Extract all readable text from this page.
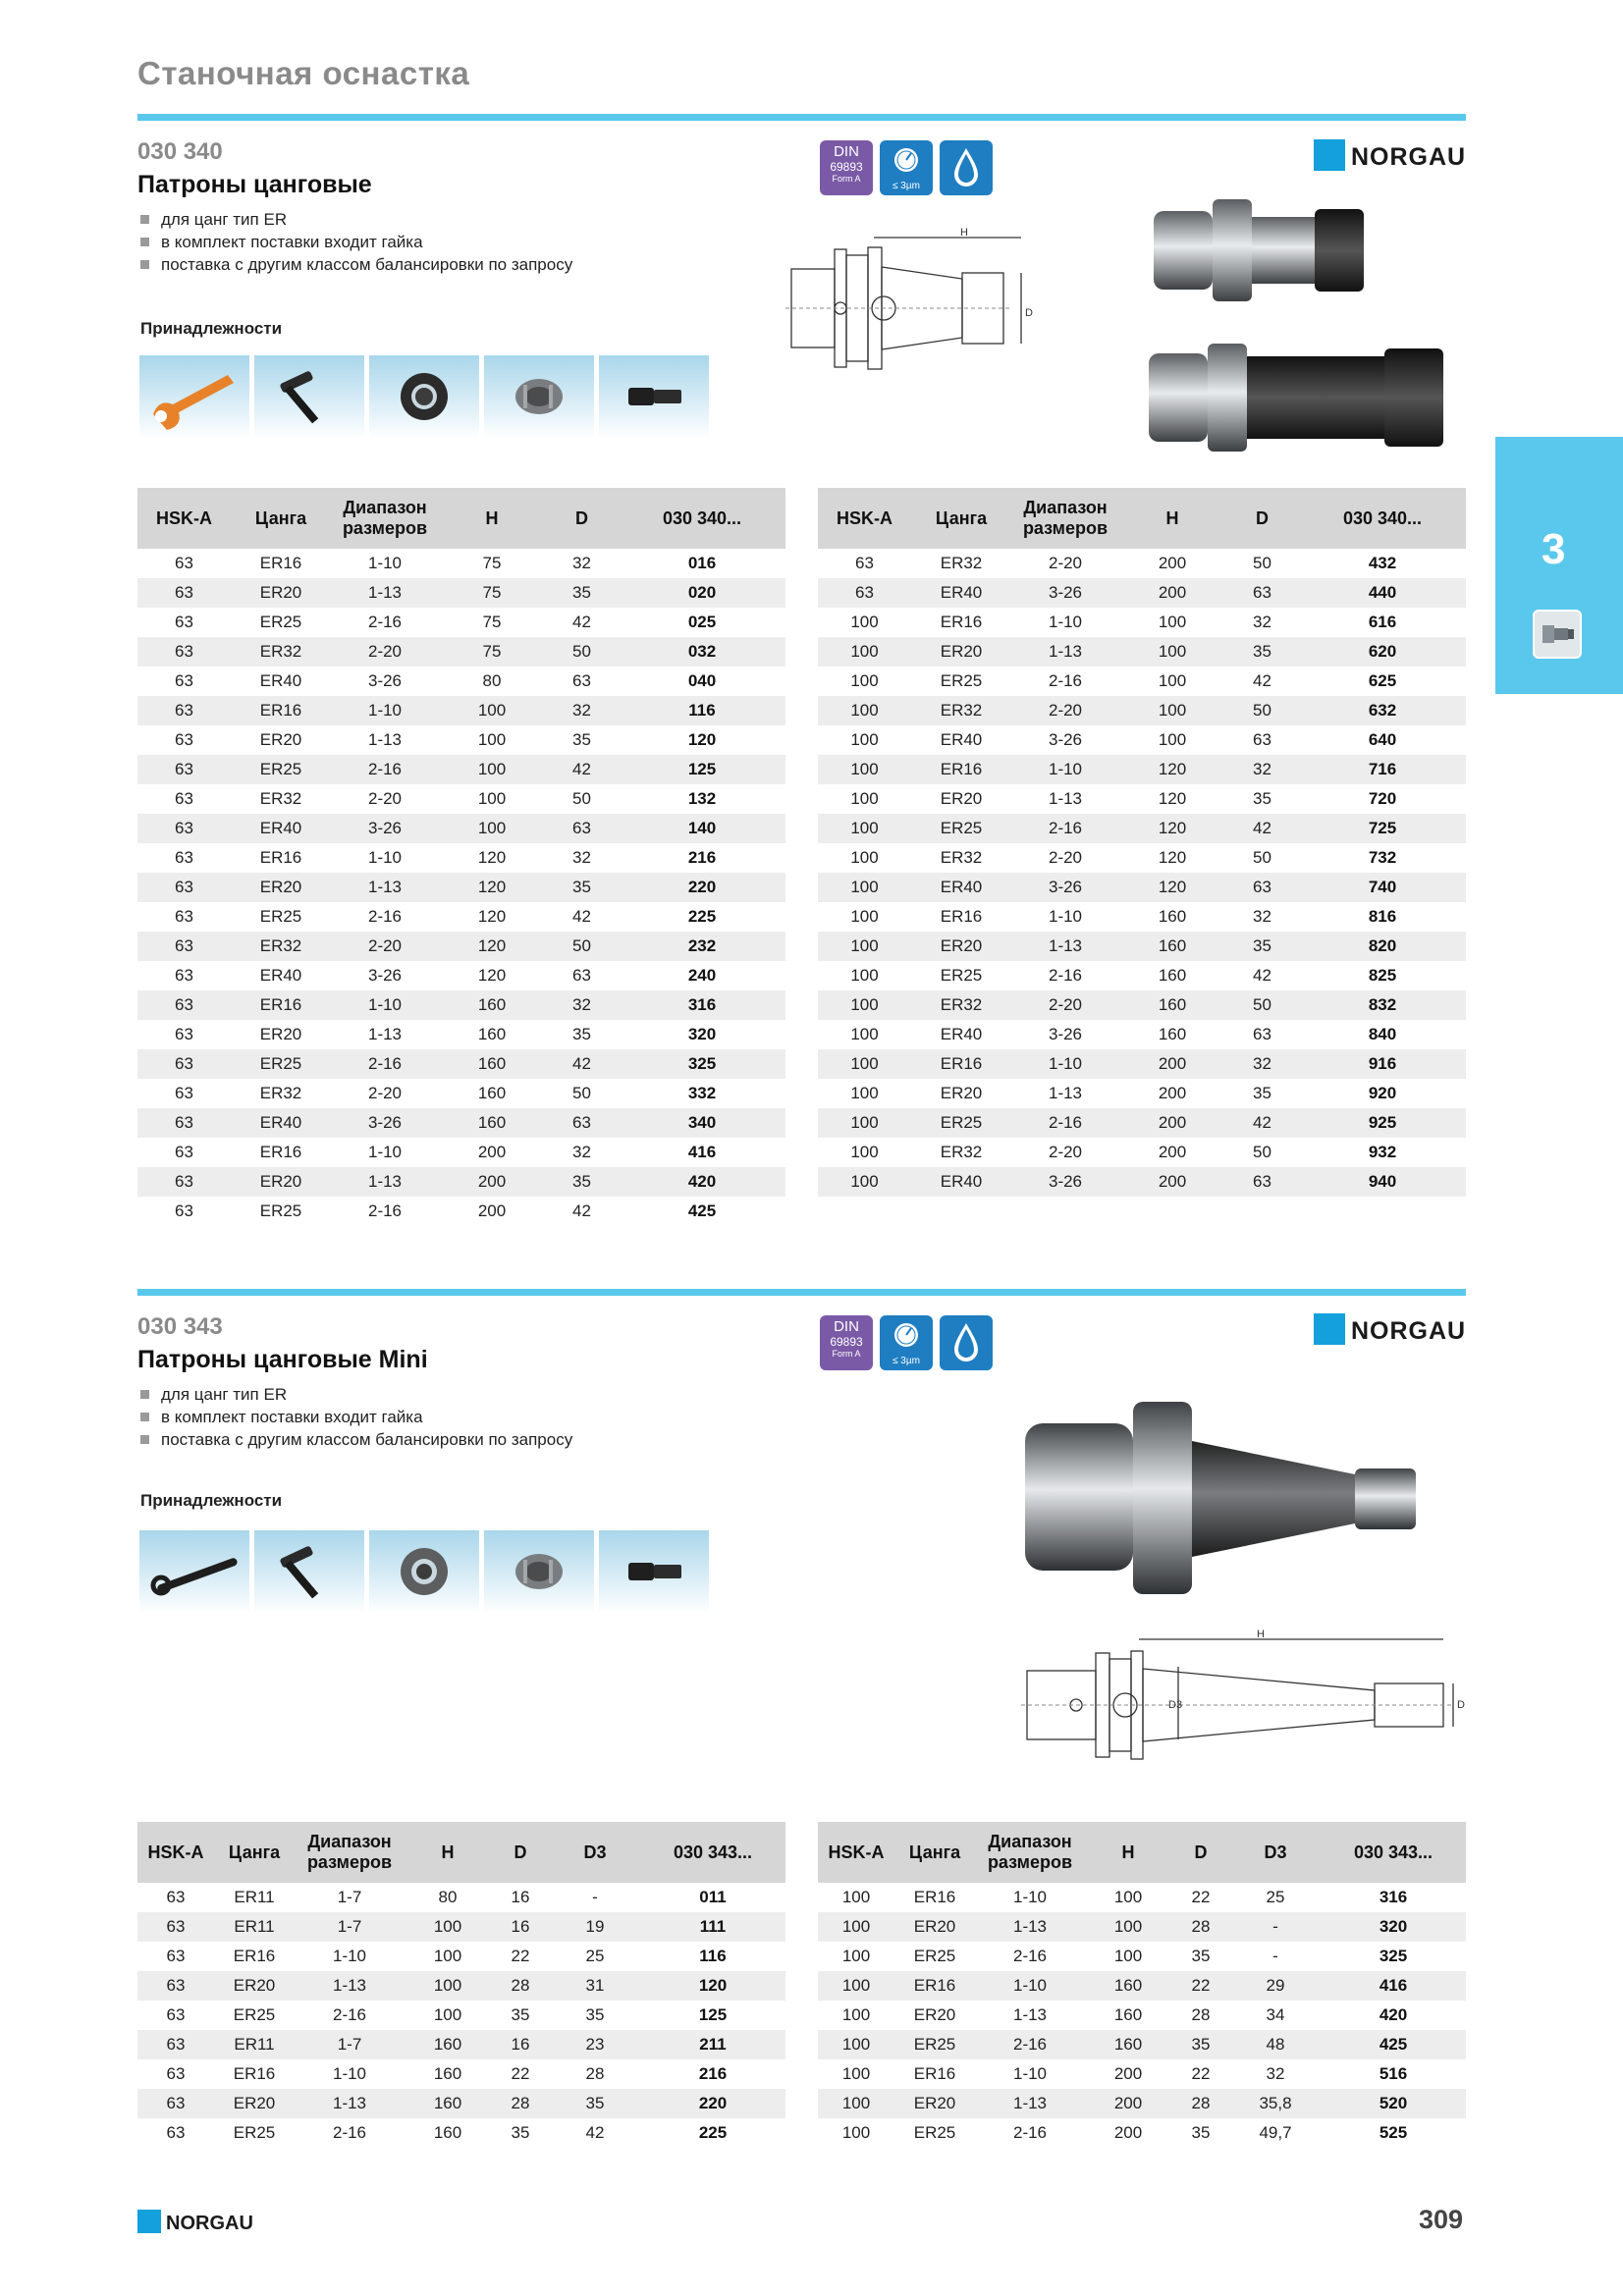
Станочная оснастка
3
030 340
Патроны цанговые
для цанг тип ER
в комплект поставки входит гайка
поставка с другим классом балансировки по запросу
Принадлежности
DIN
69893
Form A
≤ 3µm
NORGAU
H
D
HSK-A	Цанга	Диапазон размеров	H	D	030 340...
63	ER16	1-10	75	32	016
63	ER20	1-13	75	35	020
63	ER25	2-16	75	42	025
63	ER32	2-20	75	50	032
63	ER40	3-26	80	63	040
63	ER16	1-10	100	32	116
63	ER20	1-13	100	35	120
63	ER25	2-16	100	42	125
63	ER32	2-20	100	50	132
63	ER40	3-26	100	63	140
63	ER16	1-10	120	32	216
63	ER20	1-13	120	35	220
63	ER25	2-16	120	42	225
63	ER32	2-20	120	50	232
63	ER40	3-26	120	63	240
63	ER16	1-10	160	32	316
63	ER20	1-13	160	35	320
63	ER25	2-16	160	42	325
63	ER32	2-20	160	50	332
63	ER40	3-26	160	63	340
63	ER16	1-10	200	32	416
63	ER20	1-13	200	35	420
63	ER25	2-16	200	42	425
HSK-A	Цанга	Диапазон размеров	H	D	030 340...
63	ER32	2-20	200	50	432
63	ER40	3-26	200	63	440
100	ER16	1-10	100	32	616
100	ER20	1-13	100	35	620
100	ER25	2-16	100	42	625
100	ER32	2-20	100	50	632
100	ER40	3-26	100	63	640
100	ER16	1-10	120	32	716
100	ER20	1-13	120	35	720
100	ER25	2-16	120	42	725
100	ER32	2-20	120	50	732
100	ER40	3-26	120	63	740
100	ER16	1-10	160	32	816
100	ER20	1-13	160	35	820
100	ER25	2-16	160	42	825
100	ER32	2-20	160	50	832
100	ER40	3-26	160	63	840
100	ER16	1-10	200	32	916
100	ER20	1-13	200	35	920
100	ER25	2-16	200	42	925
100	ER32	2-20	200	50	932
100	ER40	3-26	200	63	940
030 343
Патроны цанговые Mini
для цанг тип ER
в комплект поставки входит гайка
поставка с другим классом балансировки по запросу
Принадлежности
DIN
69893
Form A
≤ 3µm
NORGAU
H
D
D3
HSK-A	Цанга	Диапазон размеров	H	D	D3	030 343...
63	ER11	1-7	80	16	-	011
63	ER11	1-7	100	16	19	111
63	ER16	1-10	100	22	25	116
63	ER20	1-13	100	28	31	120
63	ER25	2-16	100	35	35	125
63	ER11	1-7	160	16	23	211
63	ER16	1-10	160	22	28	216
63	ER20	1-13	160	28	35	220
63	ER25	2-16	160	35	42	225
HSK-A	Цанга	Диапазон размеров	H	D	D3	030 343...
100	ER16	1-10	100	22	25	316
100	ER20	1-13	100	28	-	320
100	ER25	2-16	100	35	-	325
100	ER16	1-10	160	22	29	416
100	ER20	1-13	160	28	34	420
100	ER25	2-16	160	35	48	425
100	ER16	1-10	200	22	32	516
100	ER20	1-13	200	28	35,8	520
100	ER25	2-16	200	35	49,7	525
NORGAU	309
